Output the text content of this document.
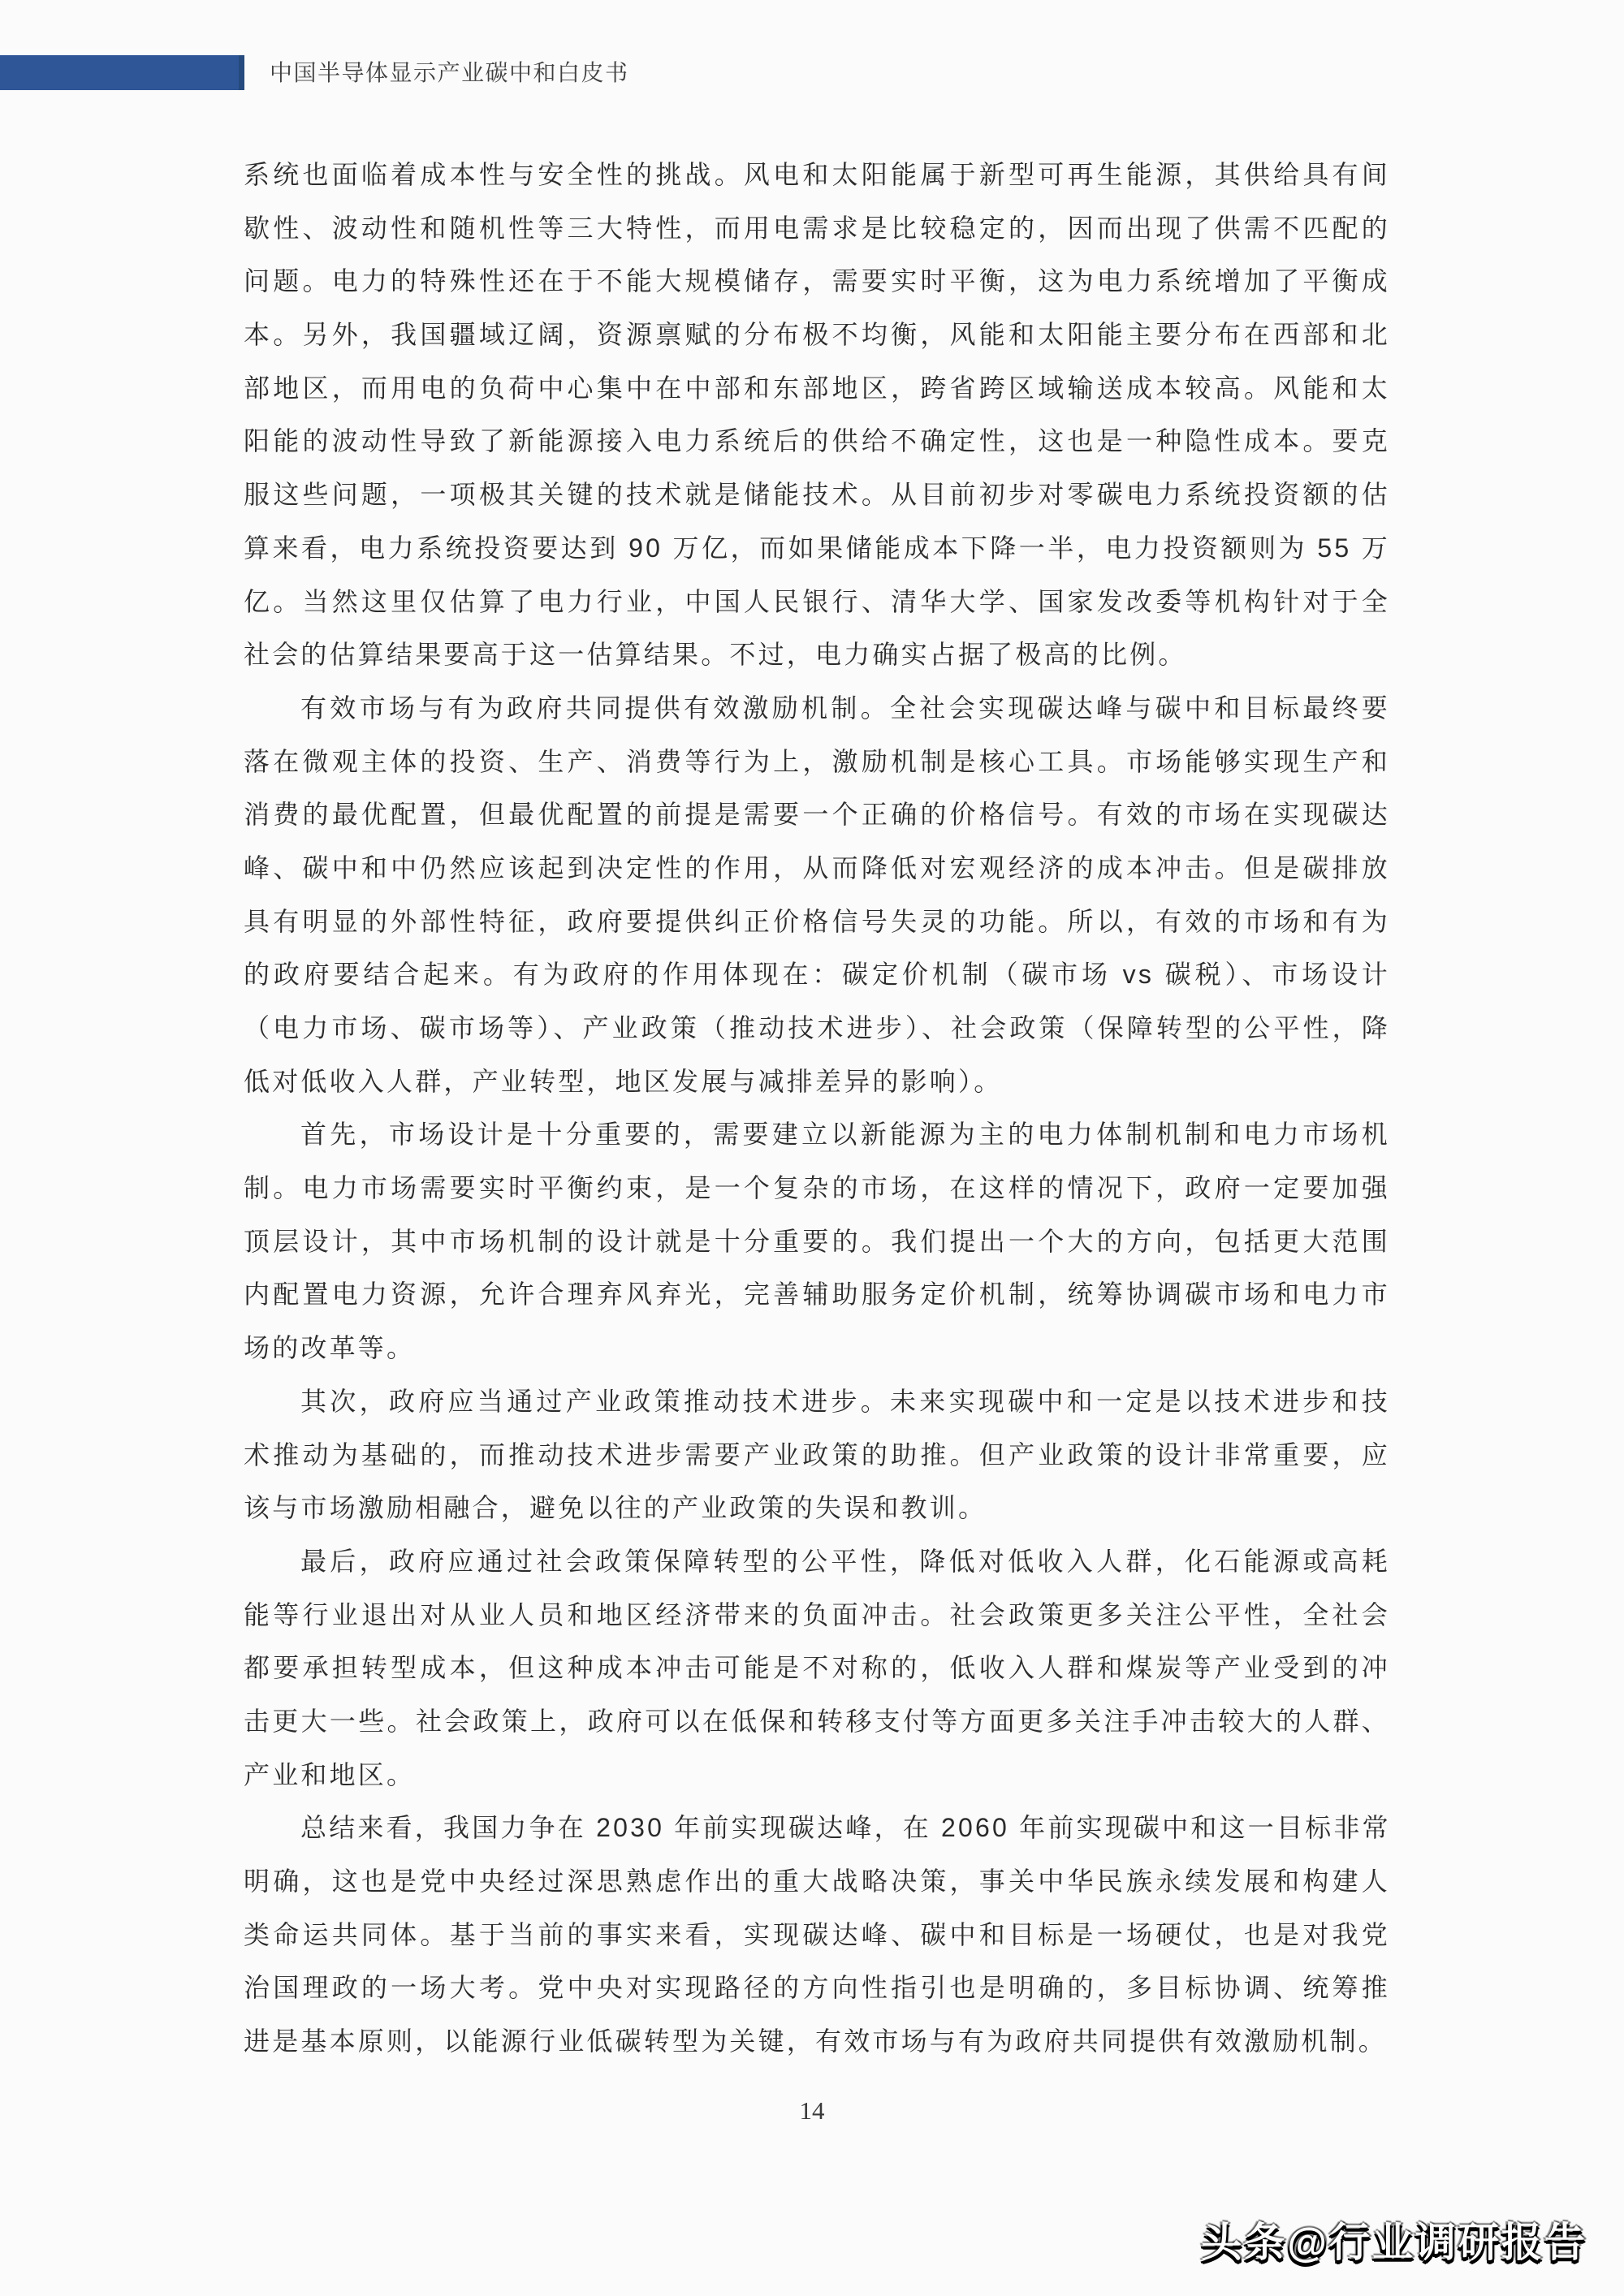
中国半导体显示产业碳中和白皮书
系统也面临着成本性与安全性的挑战。风电和太阳能属于新型可再生能源，其供给具有间
歇性、波动性和随机性等三大特性，而用电需求是比较稳定的，因而出现了供需不匹配的
问题。电力的特殊性还在于不能大规模储存，需要实时平衡，这为电力系统增加了平衡成
本。另外，我国疆域辽阔，资源禀赋的分布极不均衡，风能和太阳能主要分布在西部和北
部地区，而用电的负荷中心集中在中部和东部地区，跨省跨区域输送成本较高。风能和太
阳能的波动性导致了新能源接入电力系统后的供给不确定性，这也是一种隐性成本。要克
服这些问题，一项极其关键的技术就是储能技术。从目前初步对零碳电力系统投资额的估
算来看，电力系统投资要达到 90 万亿，而如果储能成本下降一半，电力投资额则为 55 万
亿。当然这里仅估算了电力行业，中国人民银行、清华大学、国家发改委等机构针对于全
社会的估算结果要高于这一估算结果。不过，电力确实占据了极高的比例。
有效市场与有为政府共同提供有效激励机制。全社会实现碳达峰与碳中和目标最终要
落在微观主体的投资、生产、消费等行为上，激励机制是核心工具。市场能够实现生产和
消费的最优配置，但最优配置的前提是需要一个正确的价格信号。有效的市场在实现碳达
峰、碳中和中仍然应该起到决定性的作用，从而降低对宏观经济的成本冲击。但是碳排放
具有明显的外部性特征，政府要提供纠正价格信号失灵的功能。所以，有效的市场和有为
的政府要结合起来。有为政府的作用体现在：碳定价机制（碳市场 vs 碳税）、市场设计
（电力市场、碳市场等）、产业政策（推动技术进步）、社会政策（保障转型的公平性，降
低对低收入人群，产业转型，地区发展与减排差异的影响）。
首先，市场设计是十分重要的，需要建立以新能源为主的电力体制机制和电力市场机
制。电力市场需要实时平衡约束，是一个复杂的市场，在这样的情况下，政府一定要加强
顶层设计，其中市场机制的设计就是十分重要的。我们提出一个大的方向，包括更大范围
内配置电力资源，允许合理弃风弃光，完善辅助服务定价机制，统筹协调碳市场和电力市
场的改革等。
其次，政府应当通过产业政策推动技术进步。未来实现碳中和一定是以技术进步和技
术推动为基础的，而推动技术进步需要产业政策的助推。但产业政策的设计非常重要，应
该与市场激励相融合，避免以往的产业政策的失误和教训。
最后，政府应通过社会政策保障转型的公平性，降低对低收入人群，化石能源或高耗
能等行业退出对从业人员和地区经济带来的负面冲击。社会政策更多关注公平性，全社会
都要承担转型成本，但这种成本冲击可能是不对称的，低收入人群和煤炭等产业受到的冲
击更大一些。社会政策上，政府可以在低保和转移支付等方面更多关注手冲击较大的人群、
产业和地区。
总结来看，我国力争在 2030 年前实现碳达峰，在 2060 年前实现碳中和这一目标非常
明确，这也是党中央经过深思熟虑作出的重大战略决策，事关中华民族永续发展和构建人
类命运共同体。基于当前的事实来看，实现碳达峰、碳中和目标是一场硬仗，也是对我党
治国理政的一场大考。党中央对实现路径的方向性指引也是明确的，多目标协调、统筹推
进是基本原则，以能源行业低碳转型为关键，有效市场与有为政府共同提供有效激励机制。
14
头条@行业调研报告
